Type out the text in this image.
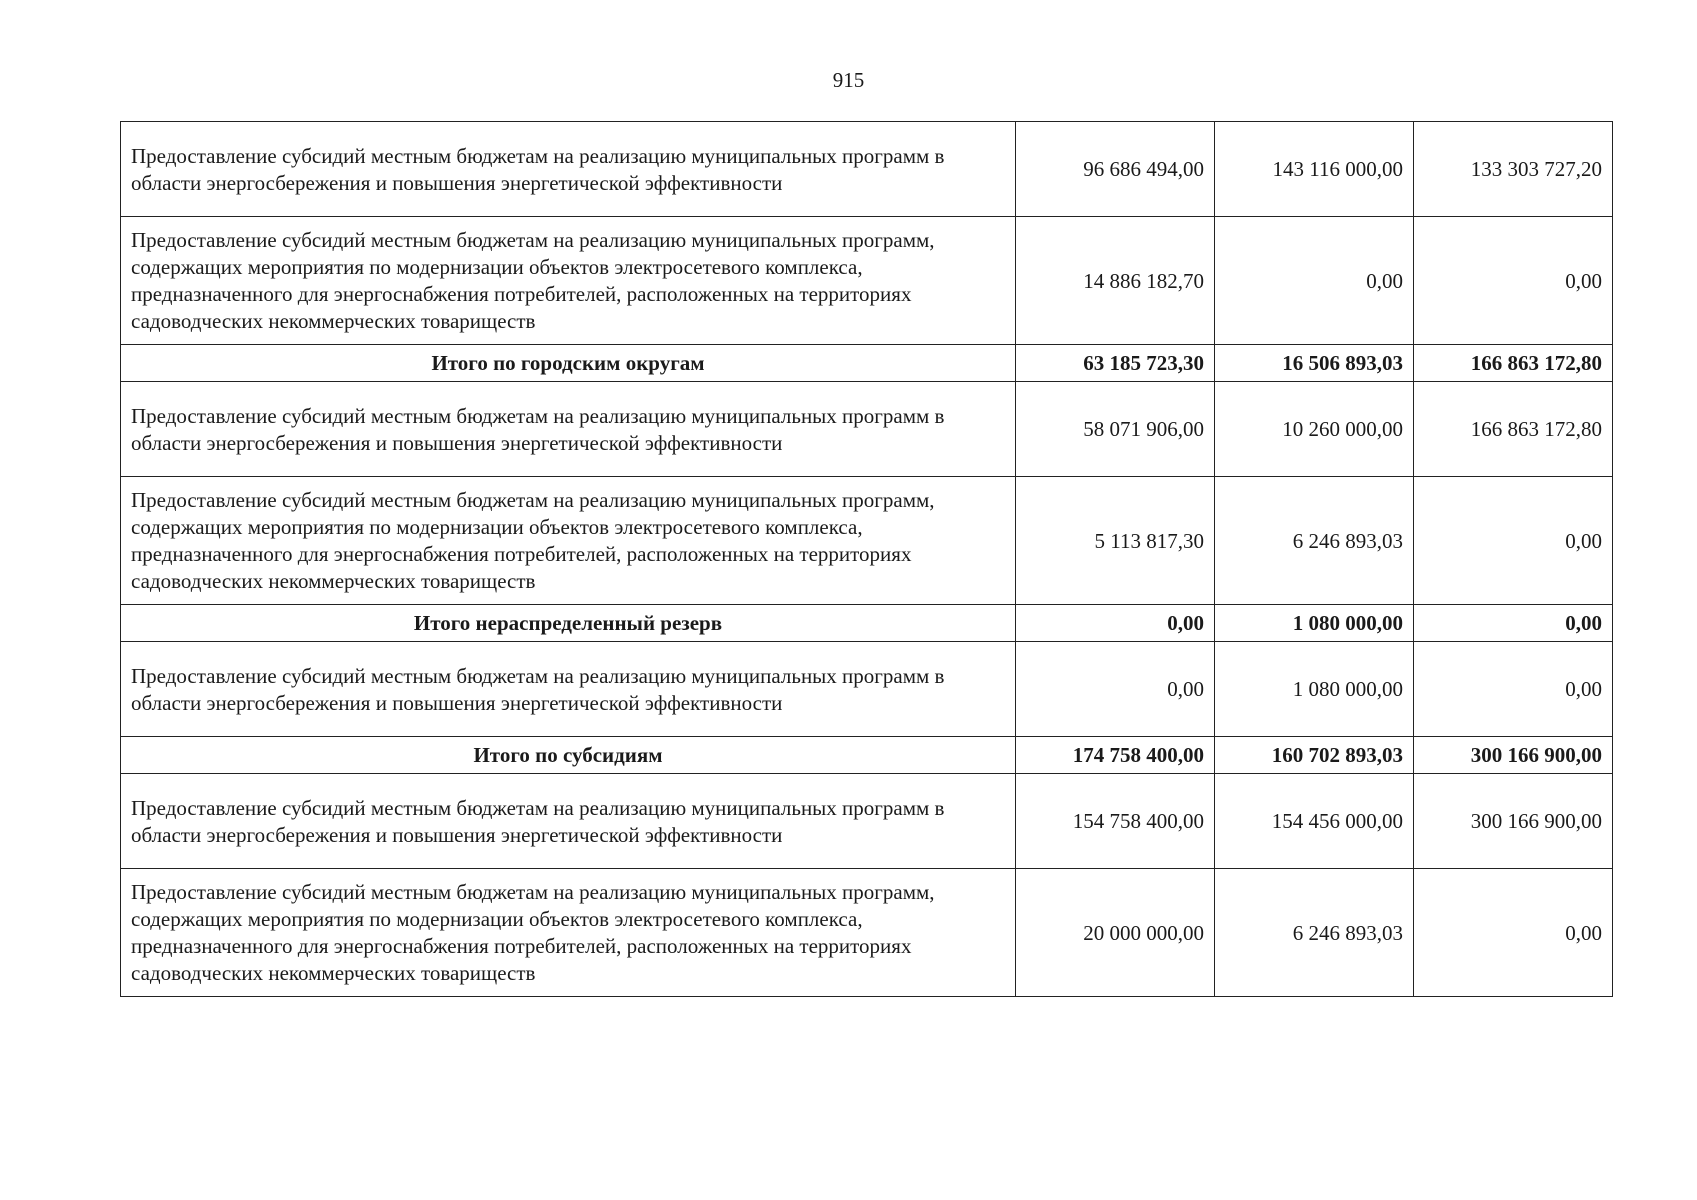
915
Предоставление субсидий местным бюджетам на реализацию муниципальных программ в области энергосбережения и повышения энергетической эффективности	96 686 494,00	143 116 000,00	133 303 727,20
Предоставление субсидий местным бюджетам на реализацию муниципальных программ, содержащих мероприятия по модернизации объектов электросетевого комплекса, предназначенного для энергоснабжения потребителей, расположенных на территориях садоводческих некоммерческих товариществ	14 886 182,70	0,00	0,00
Итого по городским округам	63 185 723,30	16 506 893,03	166 863 172,80
Предоставление субсидий местным бюджетам на реализацию муниципальных программ в области энергосбережения и повышения энергетической эффективности	58 071 906,00	10 260 000,00	166 863 172,80
Предоставление субсидий местным бюджетам на реализацию муниципальных программ, содержащих мероприятия по модернизации объектов электросетевого комплекса, предназначенного для энергоснабжения потребителей, расположенных на территориях садоводческих некоммерческих товариществ	5 113 817,30	6 246 893,03	0,00
Итого нераспределенный резерв	0,00	1 080 000,00	0,00
Предоставление субсидий местным бюджетам на реализацию муниципальных программ в области энергосбережения и повышения энергетической эффективности	0,00	1 080 000,00	0,00
Итого по субсидиям	174 758 400,00	160 702 893,03	300 166 900,00
Предоставление субсидий местным бюджетам на реализацию муниципальных программ в области энергосбережения и повышения энергетической эффективности	154 758 400,00	154 456 000,00	300 166 900,00
Предоставление субсидий местным бюджетам на реализацию муниципальных программ, содержащих мероприятия по модернизации объектов электросетевого комплекса, предназначенного для энергоснабжения потребителей, расположенных на территориях садоводческих некоммерческих товариществ	20 000 000,00	6 246 893,03	0,00
